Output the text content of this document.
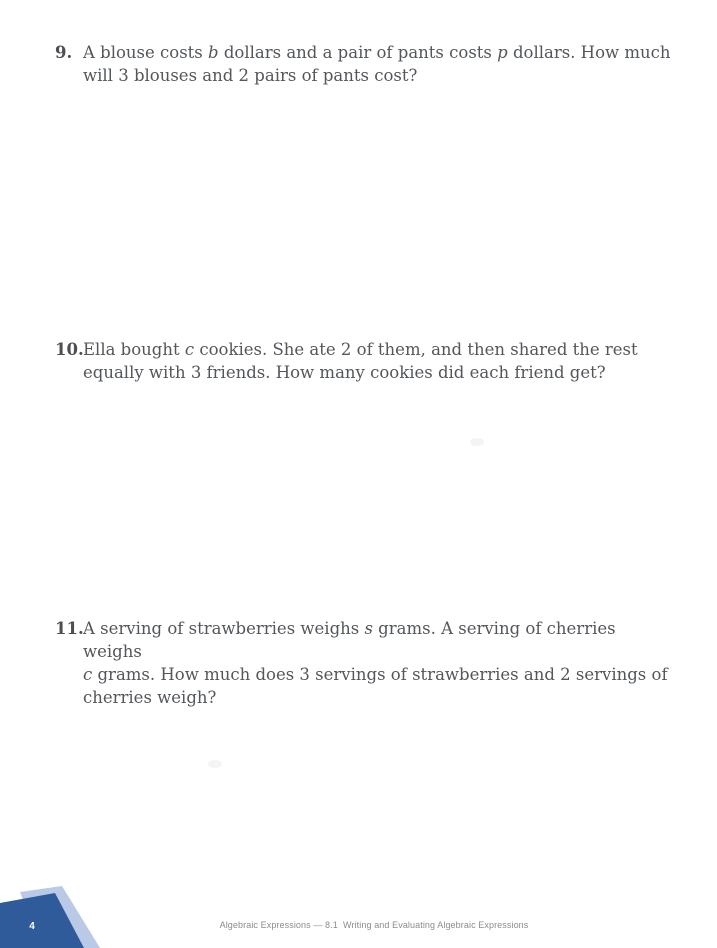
9. A blouse costs b dollars and a pair of pants costs p dollars. How much
will 3 blouses and 2 pairs of pants cost?
10. Ella bought c cookies. She ate 2 of them, and then shared the rest
equally with 3 friends. How many cookies did each friend get?
11. A serving of strawberries weighs s grams. A serving of cherries weighs
c grams. How much does 3 servings of strawberries and 2 servings of
cherries weigh?
4	Algebraic Expressions — 8.1  Writing and Evaluating Algebraic Expressions
